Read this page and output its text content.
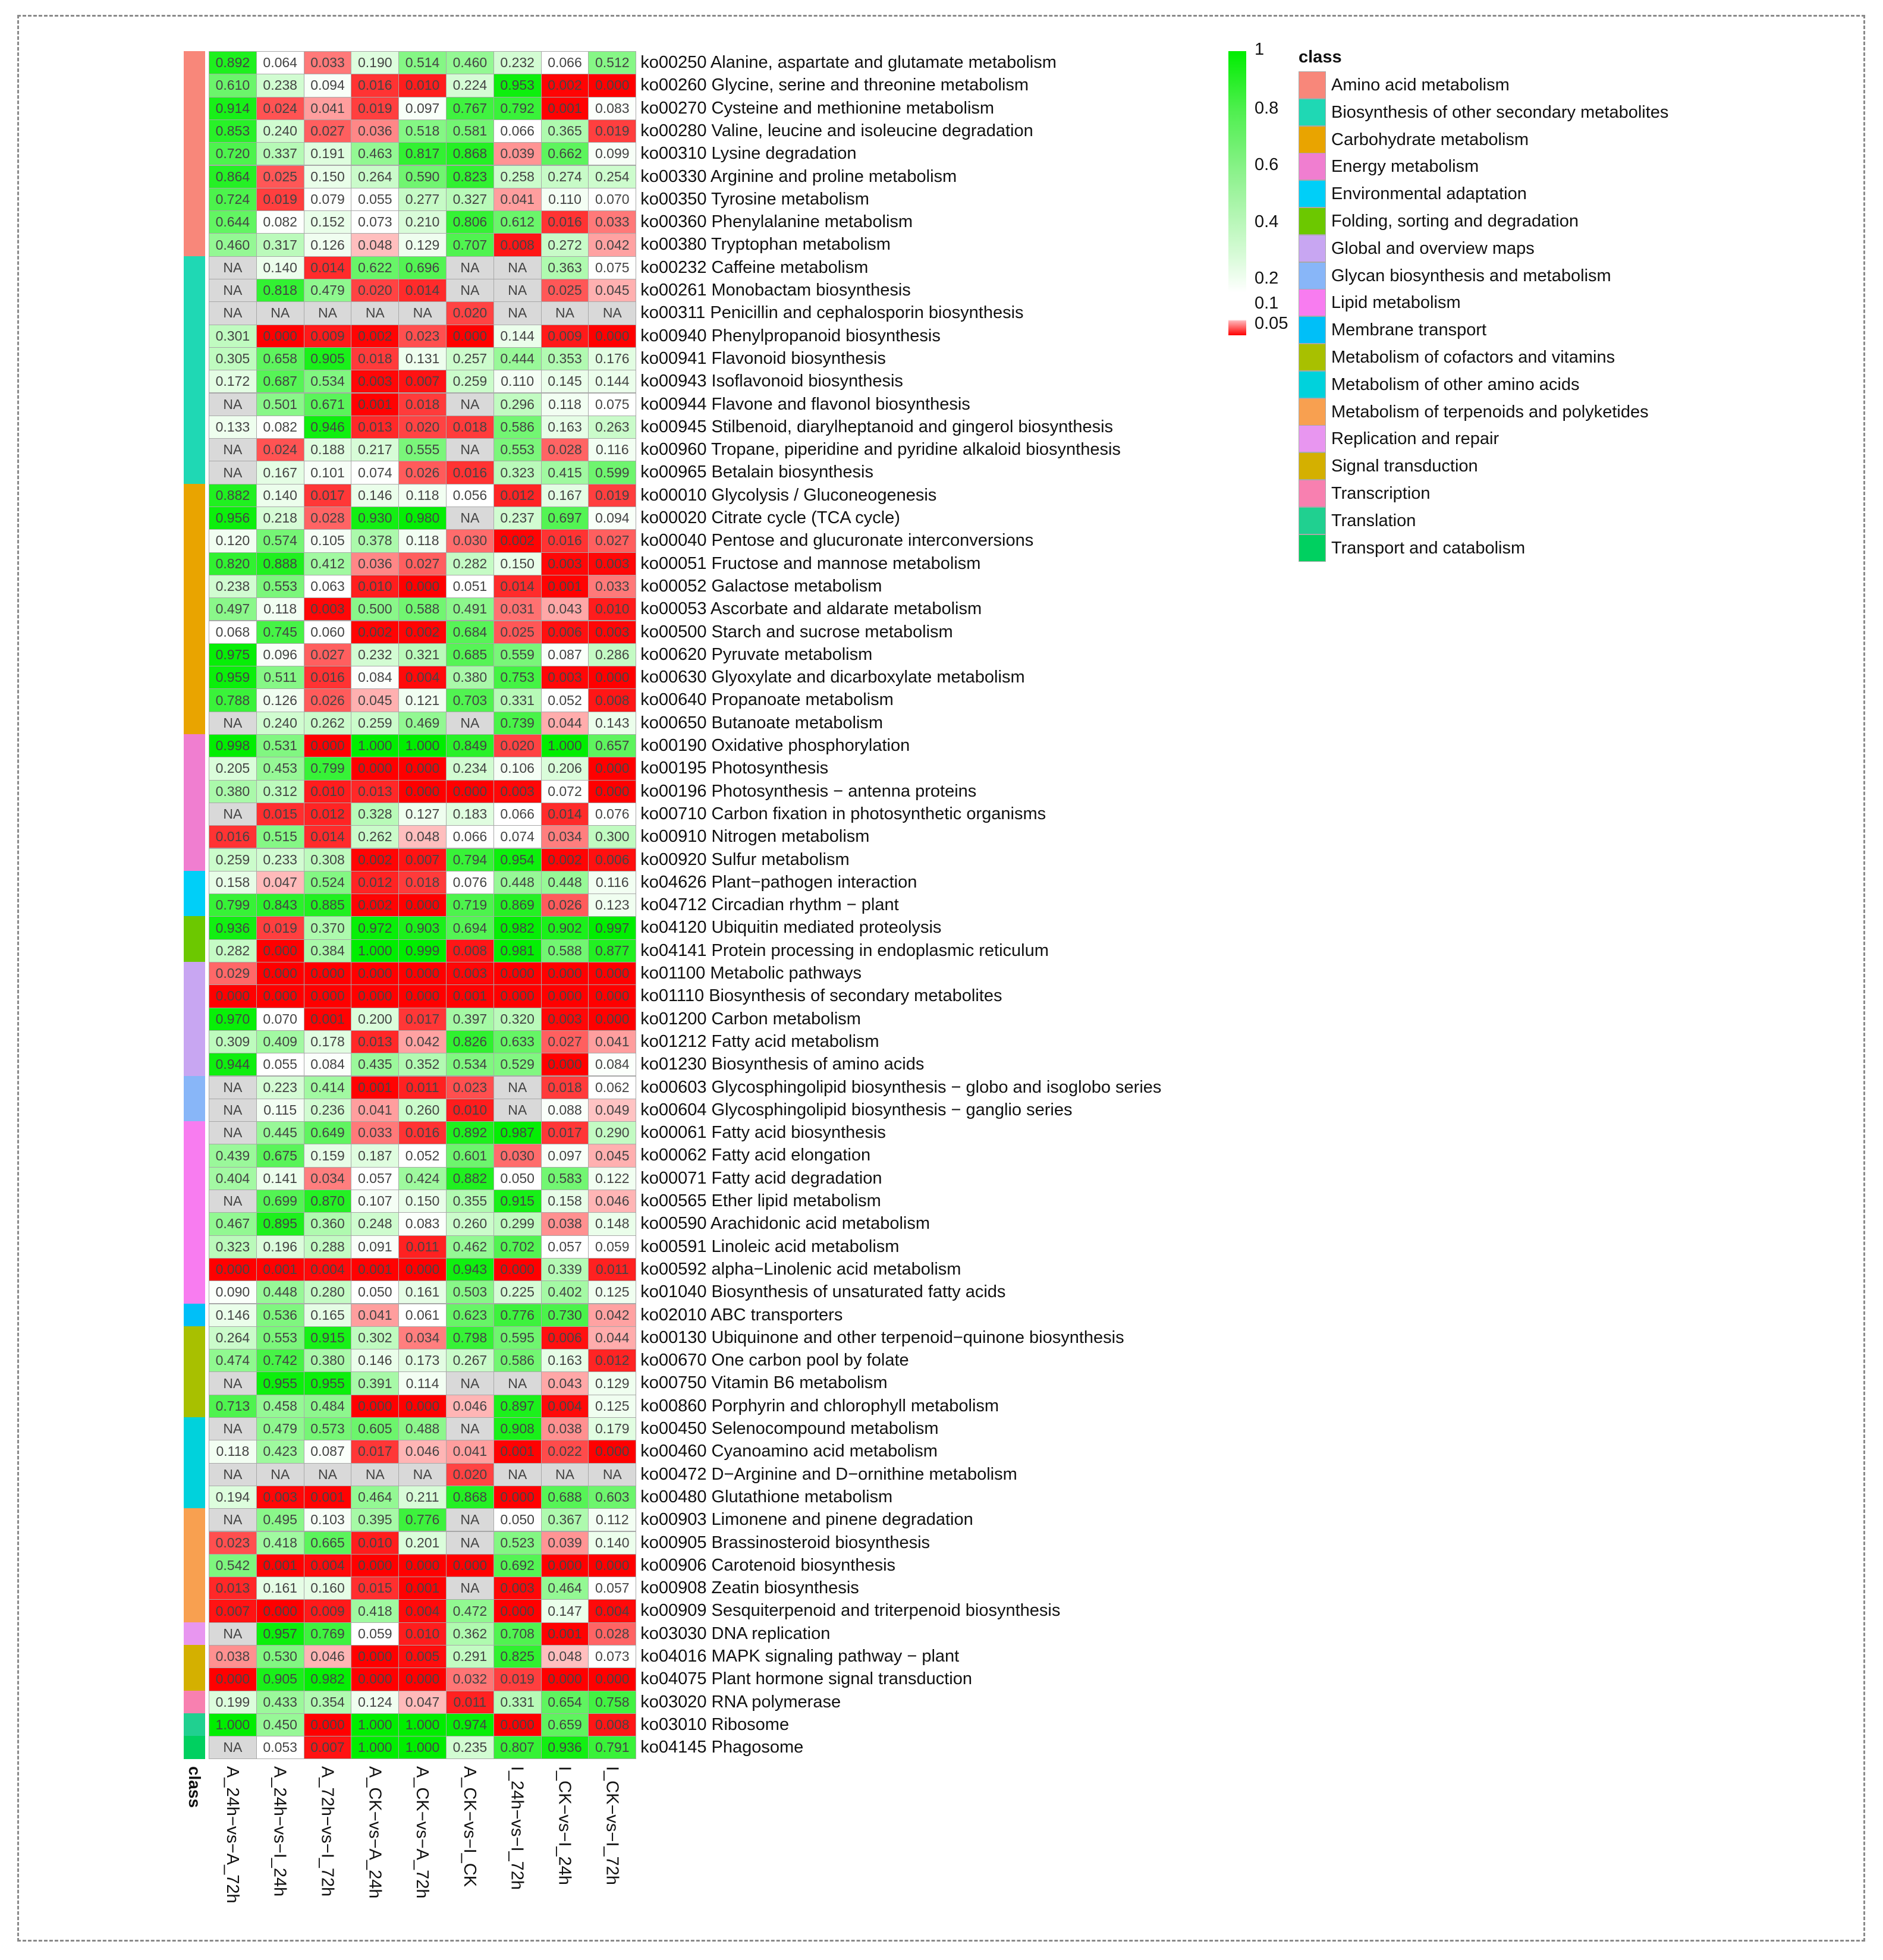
0.892 0.064 0.033 0.190 0.514 0.460 0.232 0.066 0.512 ko00250 Alanine, aspartate and glutamate metabolism
0.610 0.238 0.094 0.016 0.010 0.224 0.953 0.002 0.000 ko00260 Glycine, serine and threonine metabolism
0.914 0.024 0.041 0.019 0.097 0.767 0.792 0.001 0.083 ko00270 Cysteine and methionine metabolism
0.853 0.240 0.027 0.036 0.518 0.581 0.066 0.365 0.019 ko00280 Valine, leucine and isoleucine degradation
0.720 0.337 0.191 0.463 0.817 0.868 0.039 0.662 0.099 ko00310 Lysine degradation
0.864 0.025 0.150 0.264 0.590 0.823 0.258 0.274 0.254 ko00330 Arginine and proline metabolism
0.724 0.019 0.079 0.055 0.277 0.327 0.041	0.110	0.070 ko00350 Tyrosine metabolism
0.644 0.082 0.152 0.073 0.210 0.806 0.612 0.016 0.033 ko00360 Phenylalanine metabolism
0.460 0.317 0.126 0.048 0.129 0.707 0.008 0.272 0.042 ko00380 Tryptophan metabolism
NA	0.140 0.014 0.622 0.696	NA	NA	0.363 0.075 ko00232 Caffeine metabolism
NA	0.818 0.479 0.020 0.014	NA	NA	0.025 0.045 ko00261 Monobactam biosynthesis
NA	NA	NA	NA	NA	0.020	NA	NA	NA	ko00311 Penicillin and cephalosporin biosynthesis
0.301 0.000 0.009 0.002 0.023 0.000 0.144 0.009 0.000 ko00940 Phenylpropanoid biosynthesis
0.305 0.658 0.905 0.018 0.131 0.257 0.444 0.353 0.176 ko00941 Flavonoid biosynthesis
0.172 0.687 0.534 0.003 0.007 0.259	0.110	0.145 0.144 ko00943 Isoflavonoid biosynthesis
NA	0.501 0.671 0.001 0.018	NA	0.296	0.118	0.075 ko00944 Flavone and flavonol biosynthesis
0.133 0.082 0.946 0.013 0.020 0.018 0.586 0.163 0.263 ko00945 Stilbenoid, diarylheptanoid and gingerol biosynthesis
NA	0.024 0.188 0.217 0.555	NA	0.553 0.028	0.116 ko00960 Tropane, piperidine and pyridine alkaloid biosynthesis
NA	0.167 0.101 0.074 0.026 0.016 0.323 0.415 0.599 ko00965 Betalain biosynthesis
0.882 0.140 0.017 0.146	0.118	0.056 0.012 0.167 0.019 ko00010 Glycolysis / Gluconeogenesis
0.956 0.218 0.028 0.930 0.980	NA	0.237 0.697 0.094 ko00020 Citrate cycle (TCA cycle)
0.120 0.574 0.105 0.378	0.118	0.030 0.002 0.016 0.027 ko00040 Pentose and glucuronate interconversions
0.820 0.888 0.412 0.036 0.027 0.282 0.150 0.003 0.003 ko00051 Fructose and mannose metabolism
0.238 0.553 0.063 0.010 0.000 0.051 0.014 0.001 0.033 ko00052 Galactose metabolism
0.497	0.118	0.003 0.500 0.588 0.491 0.031 0.043 0.010 ko00053 Ascorbate and aldarate metabolism
0.068 0.745 0.060 0.002 0.002 0.684 0.025 0.006 0.003 ko00500 Starch and sucrose metabolism
0.975 0.096 0.027 0.232 0.321 0.685 0.559 0.087 0.286 ko00620 Pyruvate metabolism
0.959	0.511	0.016 0.084 0.004 0.380 0.753 0.003 0.000 ko00630 Glyoxylate and dicarboxylate metabolism
0.788 0.126 0.026 0.045 0.121 0.703 0.331 0.052 0.008 ko00640 Propanoate metabolism
NA	0.240 0.262 0.259 0.469	NA	0.739 0.044 0.143 ko00650 Butanoate metabolism
0.998 0.531 0.000 1.000 1.000 0.849 0.020 1.000 0.657 ko00190 Oxidative phosphorylation
0.205 0.453 0.799 0.000 0.000 0.234 0.106 0.206 0.000 ko00195 Photosynthesis
0.380 0.312 0.010 0.013 0.000 0.000 0.003 0.072 0.000 ko00196 Photosynthesis − antenna proteins
NA	0.015 0.012 0.328 0.127 0.183 0.066 0.014 0.076 ko00710 Carbon fixation in photosynthetic organisms
0.016 0.515 0.014 0.262 0.048 0.066 0.074 0.034 0.300 ko00910 Nitrogen metabolism
0.259 0.233 0.308 0.002 0.007 0.794 0.954 0.002 0.006 ko00920 Sulfur metabolism
0.158 0.047 0.524 0.012 0.018 0.076 0.448 0.448	0.116 ko04626 Plant−pathogen interaction
0.799 0.843 0.885 0.002 0.000 0.719 0.869 0.026 0.123 ko04712 Circadian rhythm − plant
0.936 0.019 0.370 0.972 0.903 0.694 0.982 0.902 0.997 ko04120 Ubiquitin mediated proteolysis
0.282 0.000 0.384 1.000 0.999 0.008 0.981 0.588 0.877 ko04141 Protein processing in endoplasmic reticulum
0.029 0.000 0.000 0.000 0.000 0.003 0.000 0.000 0.000 ko01100 Metabolic pathways
0.000 0.000 0.000 0.000 0.000 0.001 0.000 0.000 0.000 ko01110 Biosynthesis of secondary metabolites
0.970 0.070 0.001 0.200 0.017 0.397 0.320 0.003 0.000 ko01200 Carbon metabolism
0.309 0.409 0.178 0.013 0.042 0.826 0.633 0.027 0.041 ko01212 Fatty acid metabolism
0.944 0.055 0.084 0.435 0.352 0.534 0.529 0.000 0.084 ko01230 Biosynthesis of amino acids
NA	0.223 0.414 0.001	0.011	0.023	NA	0.018 0.062 ko00603 Glycosphingolipid biosynthesis − globo and isoglobo series
NA	0.115	0.236 0.041 0.260 0.010	NA	0.088 0.049 ko00604 Glycosphingolipid biosynthesis − ganglio series
NA	0.445 0.649 0.033 0.016 0.892 0.987 0.017 0.290 ko00061 Fatty acid biosynthesis
0.439 0.675 0.159 0.187 0.052 0.601 0.030 0.097 0.045 ko00062 Fatty acid elongation
0.404 0.141 0.034 0.057 0.424 0.882 0.050 0.583 0.122 ko00071 Fatty acid degradation
NA	0.699 0.870 0.107 0.150 0.355 0.915 0.158 0.046 ko00565 Ether lipid metabolism
0.467 0.895 0.360 0.248 0.083 0.260 0.299 0.038 0.148 ko00590 Arachidonic acid metabolism
0.323 0.196 0.288 0.091	0.011	0.462 0.702 0.057 0.059 ko00591 Linoleic acid metabolism
0.000 0.001 0.004 0.001 0.000 0.943 0.000 0.339	0.011 ko00592 alpha−Linolenic acid metabolism
0.090 0.448 0.280 0.050 0.161 0.503 0.225 0.402 0.125 ko01040 Biosynthesis of unsaturated fatty acids
0.146 0.536 0.165 0.041 0.061 0.623 0.776 0.730 0.042 ko02010 ABC transporters
0.264 0.553 0.915 0.302 0.034 0.798 0.595 0.006 0.044 ko00130 Ubiquinone and other terpenoid−quinone biosynthesis
0.474 0.742 0.380 0.146 0.173 0.267 0.586 0.163 0.012 ko00670 One carbon pool by folate
NA	0.955 0.955 0.391	0.114	NA	NA	0.043 0.129 ko00750 Vitamin B6 metabolism
0.713 0.458 0.484 0.000 0.000 0.046 0.897 0.004 0.125 ko00860 Porphyrin and chlorophyll metabolism
NA	0.479 0.573 0.605 0.488	NA	0.908 0.038 0.179 ko00450 Selenocompound metabolism
0.118	0.423 0.087 0.017 0.046 0.041 0.001 0.022 0.000 ko00460 Cyanoamino acid metabolism
NA	NA	NA	NA	NA	0.020	NA	NA	NA	ko00472 D−Arginine and D−ornithine metabolism
0.194 0.003 0.001 0.464	0.211	0.868 0.000 0.688 0.603 ko00480 Glutathione metabolism
NA	0.495 0.103 0.395 0.776	NA	0.050 0.367	0.112 ko00903 Limonene and pinene degradation
0.023 0.418 0.665 0.010 0.201	NA	0.523 0.039 0.140 ko00905 Brassinosteroid biosynthesis
0.542 0.001 0.004 0.000 0.000 0.000 0.692 0.000 0.000 ko00906 Carotenoid biosynthesis
0.013 0.161 0.160 0.015 0.001	NA	0.003 0.464 0.057 ko00908 Zeatin biosynthesis
0.007 0.000 0.009 0.418 0.004 0.472 0.000 0.147 0.004 ko00909 Sesquiterpenoid and triterpenoid biosynthesis
NA	0.957 0.769 0.059 0.010 0.362 0.708 0.001 0.028 ko03030 DNA replication
0.038 0.530 0.046 0.000 0.005 0.291 0.825 0.048 0.073 ko04016 MAPK signaling pathway − plant
0.000 0.905 0.982 0.000 0.000 0.032 0.019 0.000 0.000 ko04075 Plant hormone signal transduction
0.199 0.433 0.354 0.124 0.047	0.011	0.331 0.654 0.758 ko03020 RNA polymerase
1.000 0.450 0.000 1.000 1.000 0.974 0.000 0.659 0.008 ko03010 Ribosome
NA	0.053 0.007 1.000 1.000 0.235 0.807 0.936 0.791 ko04145 Phagosome
A_24h−vs−A_72h A_24h−vs−I_24h A_72h−vs−I_72h A_CK−vs−A_24h A_CK−vs−A_72h A_CK−vs−I_CK I_24h−vs−I_72h I_CK−vs−I_24h I_CK−vs−I_72h
class
1
0.8
0.6
0.4
0.2
0.1
0.05
class
Amino acid metabolism
Biosynthesis of other secondary metabolites
Carbohydrate metabolism
Energy metabolism
Environmental adaptation
Folding, sorting and degradation
Global and overview maps
Glycan biosynthesis and metabolism
Lipid metabolism
Membrane transport
Metabolism of cofactors and vitamins
Metabolism of other amino acids
Metabolism of terpenoids and polyketides
Replication and repair
Signal transduction
Transcription
Translation
Transport and catabolism
